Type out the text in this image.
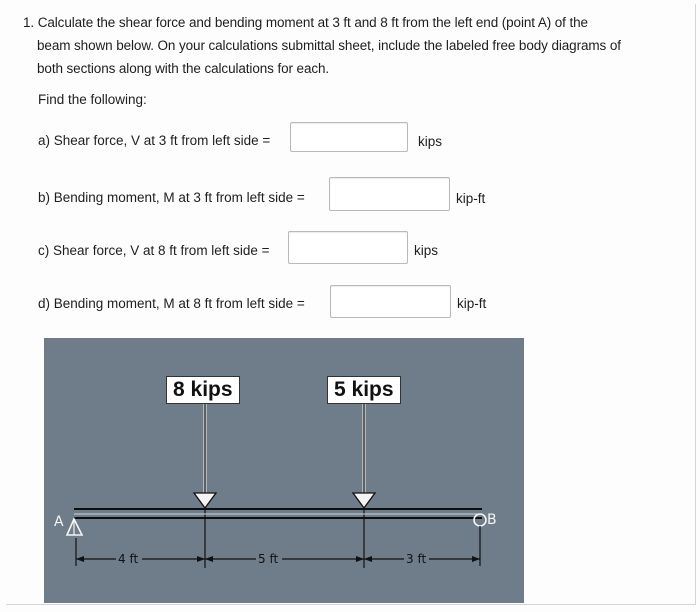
1. Calculate the shear force and bending moment at 3 ft and 8 ft from the left end (point A) of the
beam shown below. On your calculations submittal sheet, include the labeled free body diagrams of
both sections along with the calculations for each.
Find the following:
a) Shear force, V at 3 ft from left side =	kips
b) Bending moment, M at 3 ft from left side =	kip-ft
c) Shear force, V at 8 ft from left side =	kips
d) Bending moment, M at 8 ft from left side =	kip-ft
A	B
4 ft	5 ft	3 ft
8 kips	5 kips
